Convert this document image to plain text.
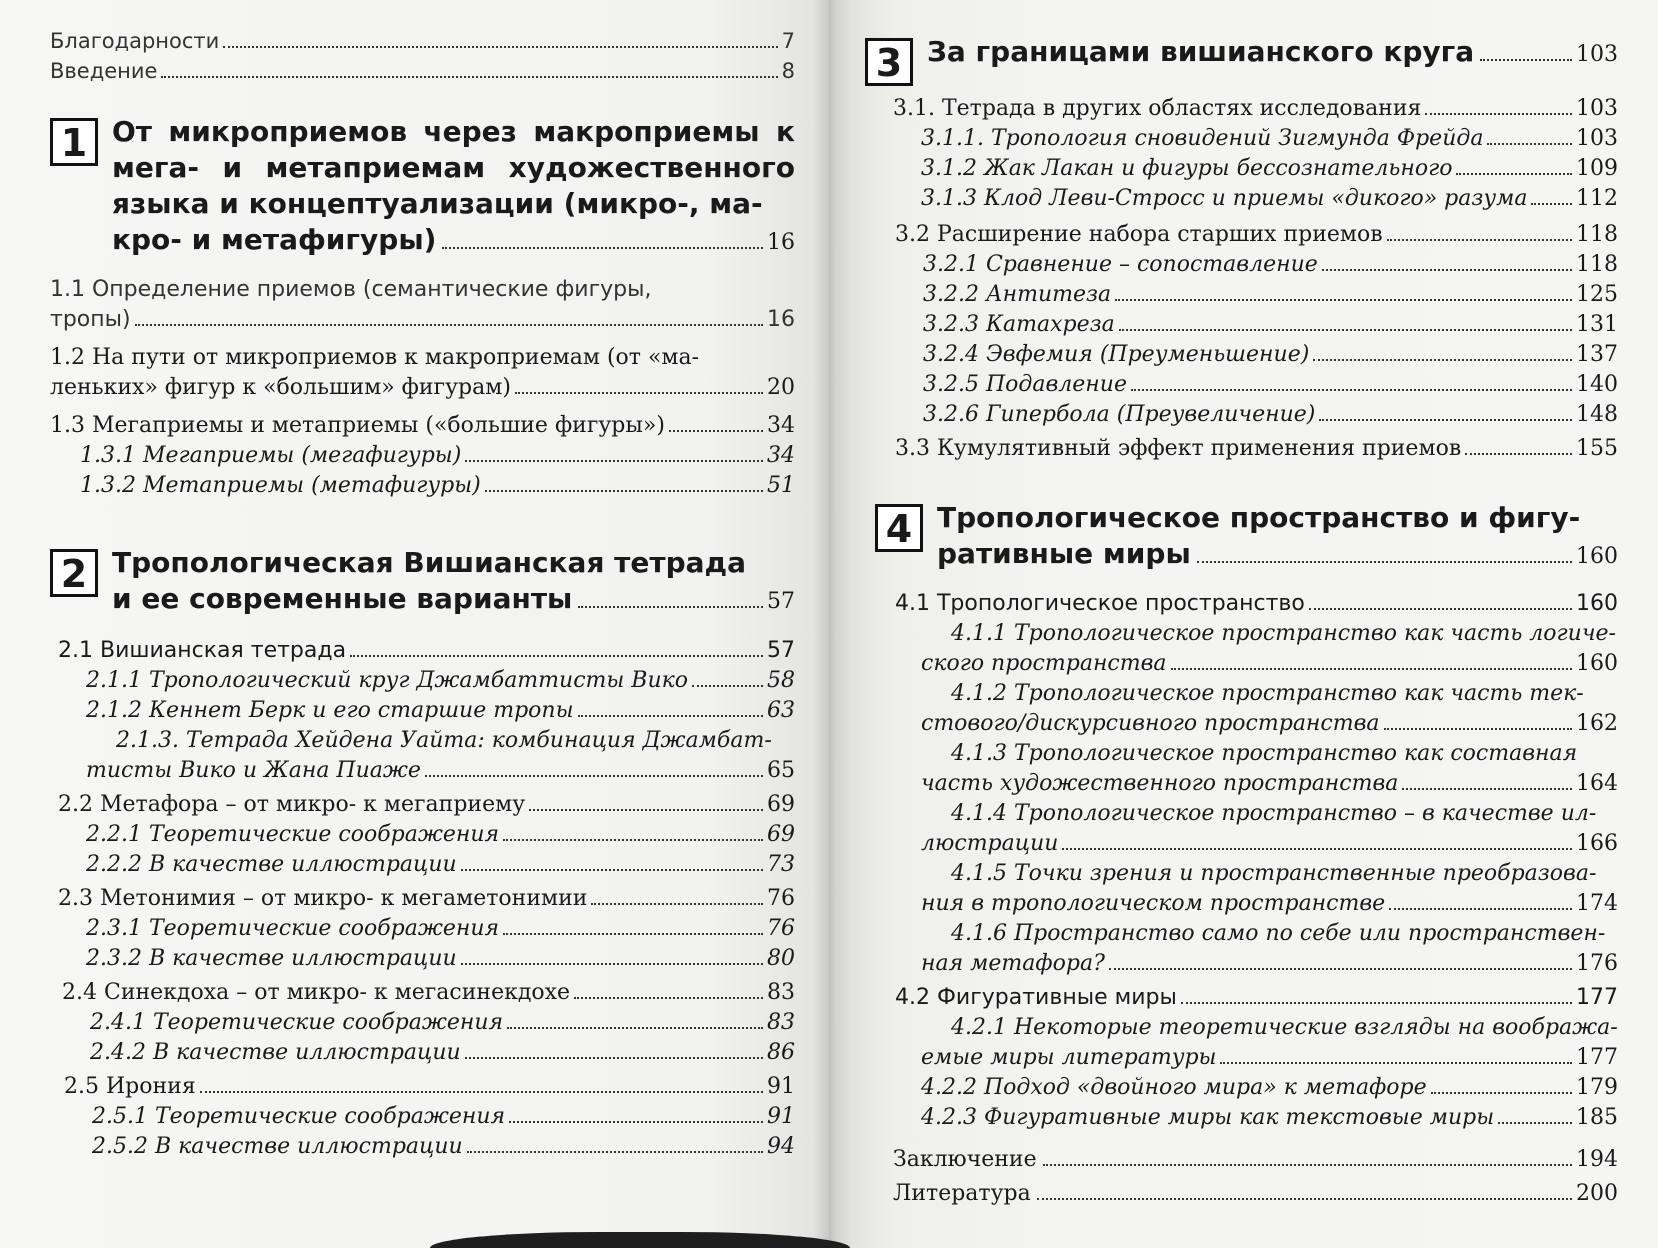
Благодарности	7
Введение	8
1 От микроприемов через макроприемы к мега- и метаприемам художественного языка и концептуализации (микро-, ма-
кро- и метафигуры)	16
1.1 Определение приемов (семантические фигуры,
тропы)	16
1.2 На пути от микроприемов к макроприемам (от «ма-
леньких» фигур к «большим» фигурам)	20
1.3 Мегаприемы и метаприемы («большие фигуры»)	34
1.3.1 Мегаприемы (мегафигуры)	34
1.3.2 Метаприемы (метафигуры)	51
2 Тропологическая Вишианская тетрада
и ее современные варианты	57
2.1 Вишианская тетрада	57
2.1.1 Тропологический круг Джамбаттисты Вико	58
2.1.2 Кеннет Берк и его старшие тропы	63
2.1.3. Тетрада Хейдена Уайта: комбинация Джамбат-
тисты Вико и Жана Пиаже	65
2.2 Метафора – от микро- к мегаприему	69
2.2.1 Теоретические соображения	69
2.2.2 В качестве иллюстрации	73
2.3 Метонимия – от микро- к мегаметонимии	76
2.3.1 Теоретические соображения	76
2.3.2 В качестве иллюстрации	80
2.4 Синекдоха – от микро- к мегасинекдохе	83
2.4.1 Теоретические соображения	83
2.4.2 В качестве иллюстрации	86
2.5 Ирония	91
2.5.1 Теоретические соображения	91
2.5.2 В качестве иллюстрации	94
3 За границами вишианского круга	103
3.1. Тетрада в других областях исследования	103
3.1.1. Тропология сновидений Зигмунда Фрейда	103
3.1.2 Жак Лакан и фигуры бессознательного	109
3.1.3 Клод Леви-Стросс и приемы «дикого» разума 112
3.2 Расширение набора старших приемов	118
3.2.1 Сравнение – сопоставление	118
3.2.2 Антитеза	125
3.2.3 Катахреза	131
3.2.4 Эвфемия (Преуменьшение)	137
3.2.5 Подавление	140
3.2.6 Гипербола (Преувеличение)	148
3.3 Кумулятивный эффект применения приемов	155
4 Тропологическое пространство и фигу-
ративные миры	160
4.1 Тропологическое пространство	160
4.1.1 Тропологическое пространство как часть логиче-
ского пространства	160
4.1.2 Тропологическое пространство как часть тек-
стового/дискурсивного пространства	162
4.1.3 Тропологическое пространство как составная
часть художественного пространства	164
4.1.4 Тропологическое пространство – в качестве ил-
люстрации	166
4.1.5 Точки зрения и пространственные преобразова-
ния в тропологическом пространстве	174
4.1.6 Пространство само по себе или пространствен-
ная метафора?	176
4.2 Фигуративные миры	177
4.2.1 Некоторые теоретические взгляды на вообража-
емые миры литературы	177
4.2.2 Подход «двойного мира» к метафоре	179
4.2.3 Фигуративные миры как текстовые миры	185
Заключение	194
Литература	200
